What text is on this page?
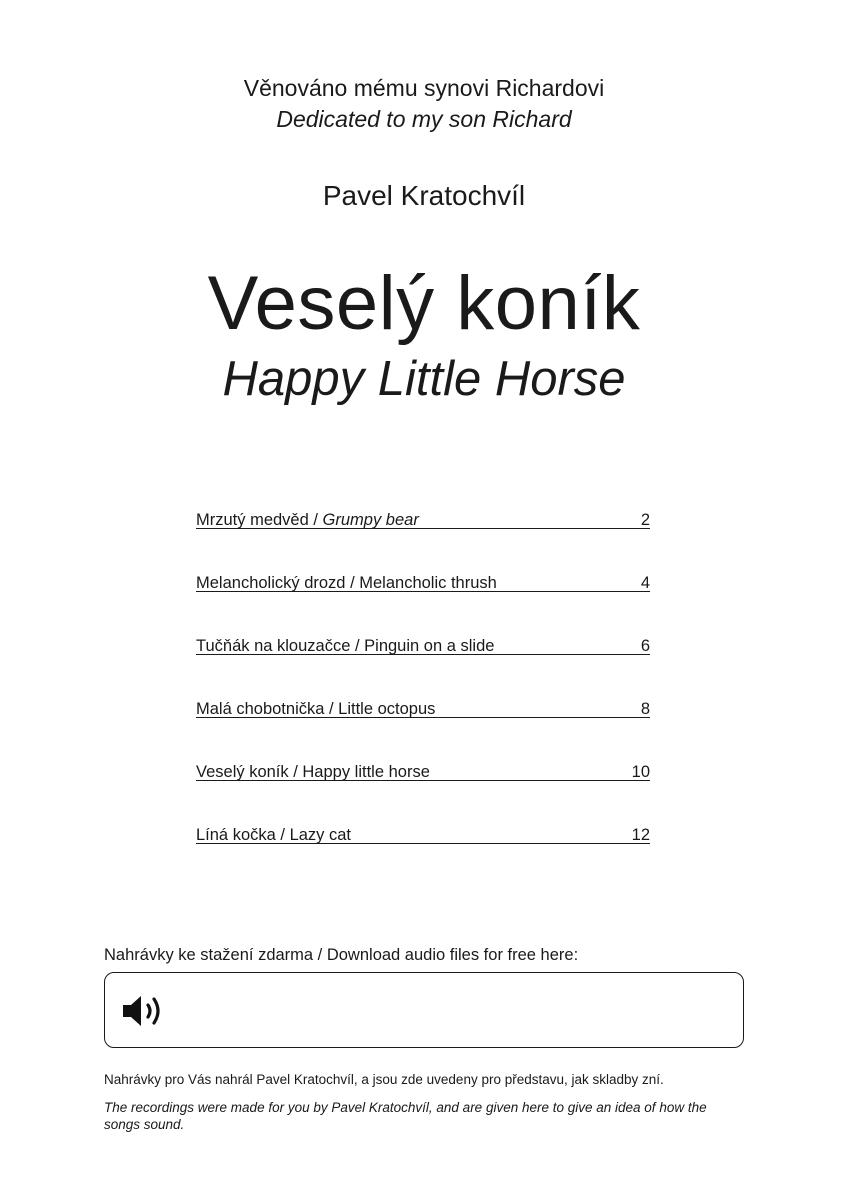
Věnováno mému synovi Richardovi
Dedicated to my son Richard
Pavel Kratochvíl
Veselý koník
Happy Little Horse
Mrzutý medvěd / Grumpy bear	2
Melancholický drozd / Melancholic thrush	4
Tučňák na klouzačce / Pinguin on a slide	6
Malá chobotnička / Little octopus	8
Veselý koník / Happy little horse	10
Líná kočka / Lazy cat	12
Nahrávky ke stažení zdarma / Download audio files for free here:
Nahrávky pro Vás nahrál Pavel Kratochvíl, a jsou zde uvedeny pro představu, jak skladby zní.
The recordings were made for you by Pavel Kratochvíl, and are given here to give an idea of how the songs sound.
